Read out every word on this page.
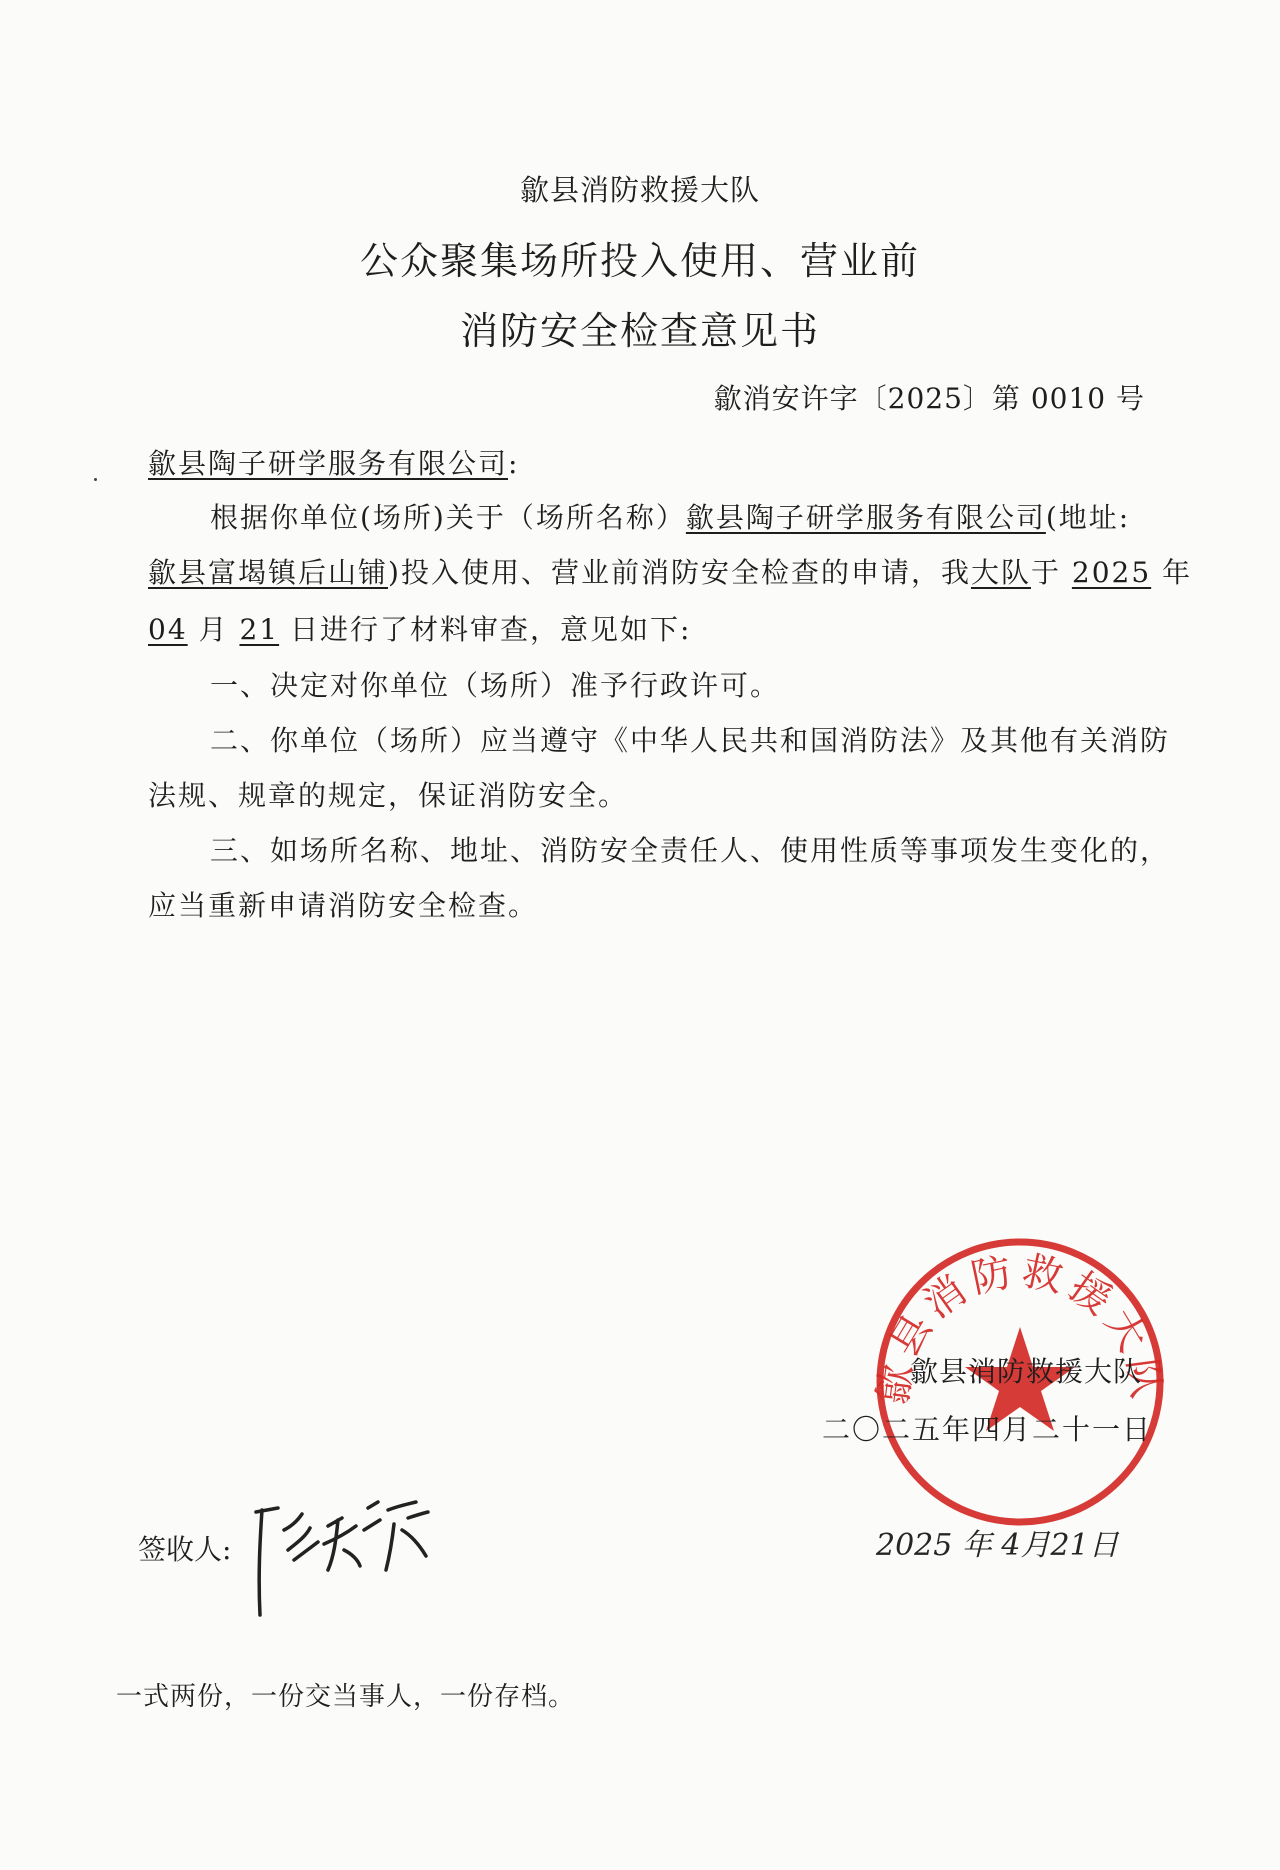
歙县消防救援大队
公众聚集场所投入使用、营业前
消防安全检查意见书
歙消安许字〔2025〕第 0010 号
歙县陶子研学服务有限公司:
根据你单位(场所)关于（场所名称）歙县陶子研学服务有限公司(地址:
歙县富堨镇后山铺)投入使用、营业前消防安全检查的申请，我大队于 2025 年
04 月 21 日进行了材料审查，意见如下:
一、决定对你单位（场所）准予行政许可。
二、你单位（场所）应当遵守《中华人民共和国消防法》及其他有关消防
法规、规章的规定，保证消防安全。
三、如场所名称、地址、消防安全责任人、使用性质等事项发生变化的，
应当重新申请消防安全检查。
歙县消防救援大队
歙县消防救援大队
二〇二五年四月二十一日
签收人:	2025 年 4月21日
一式两份，一份交当事人，一份存档。
